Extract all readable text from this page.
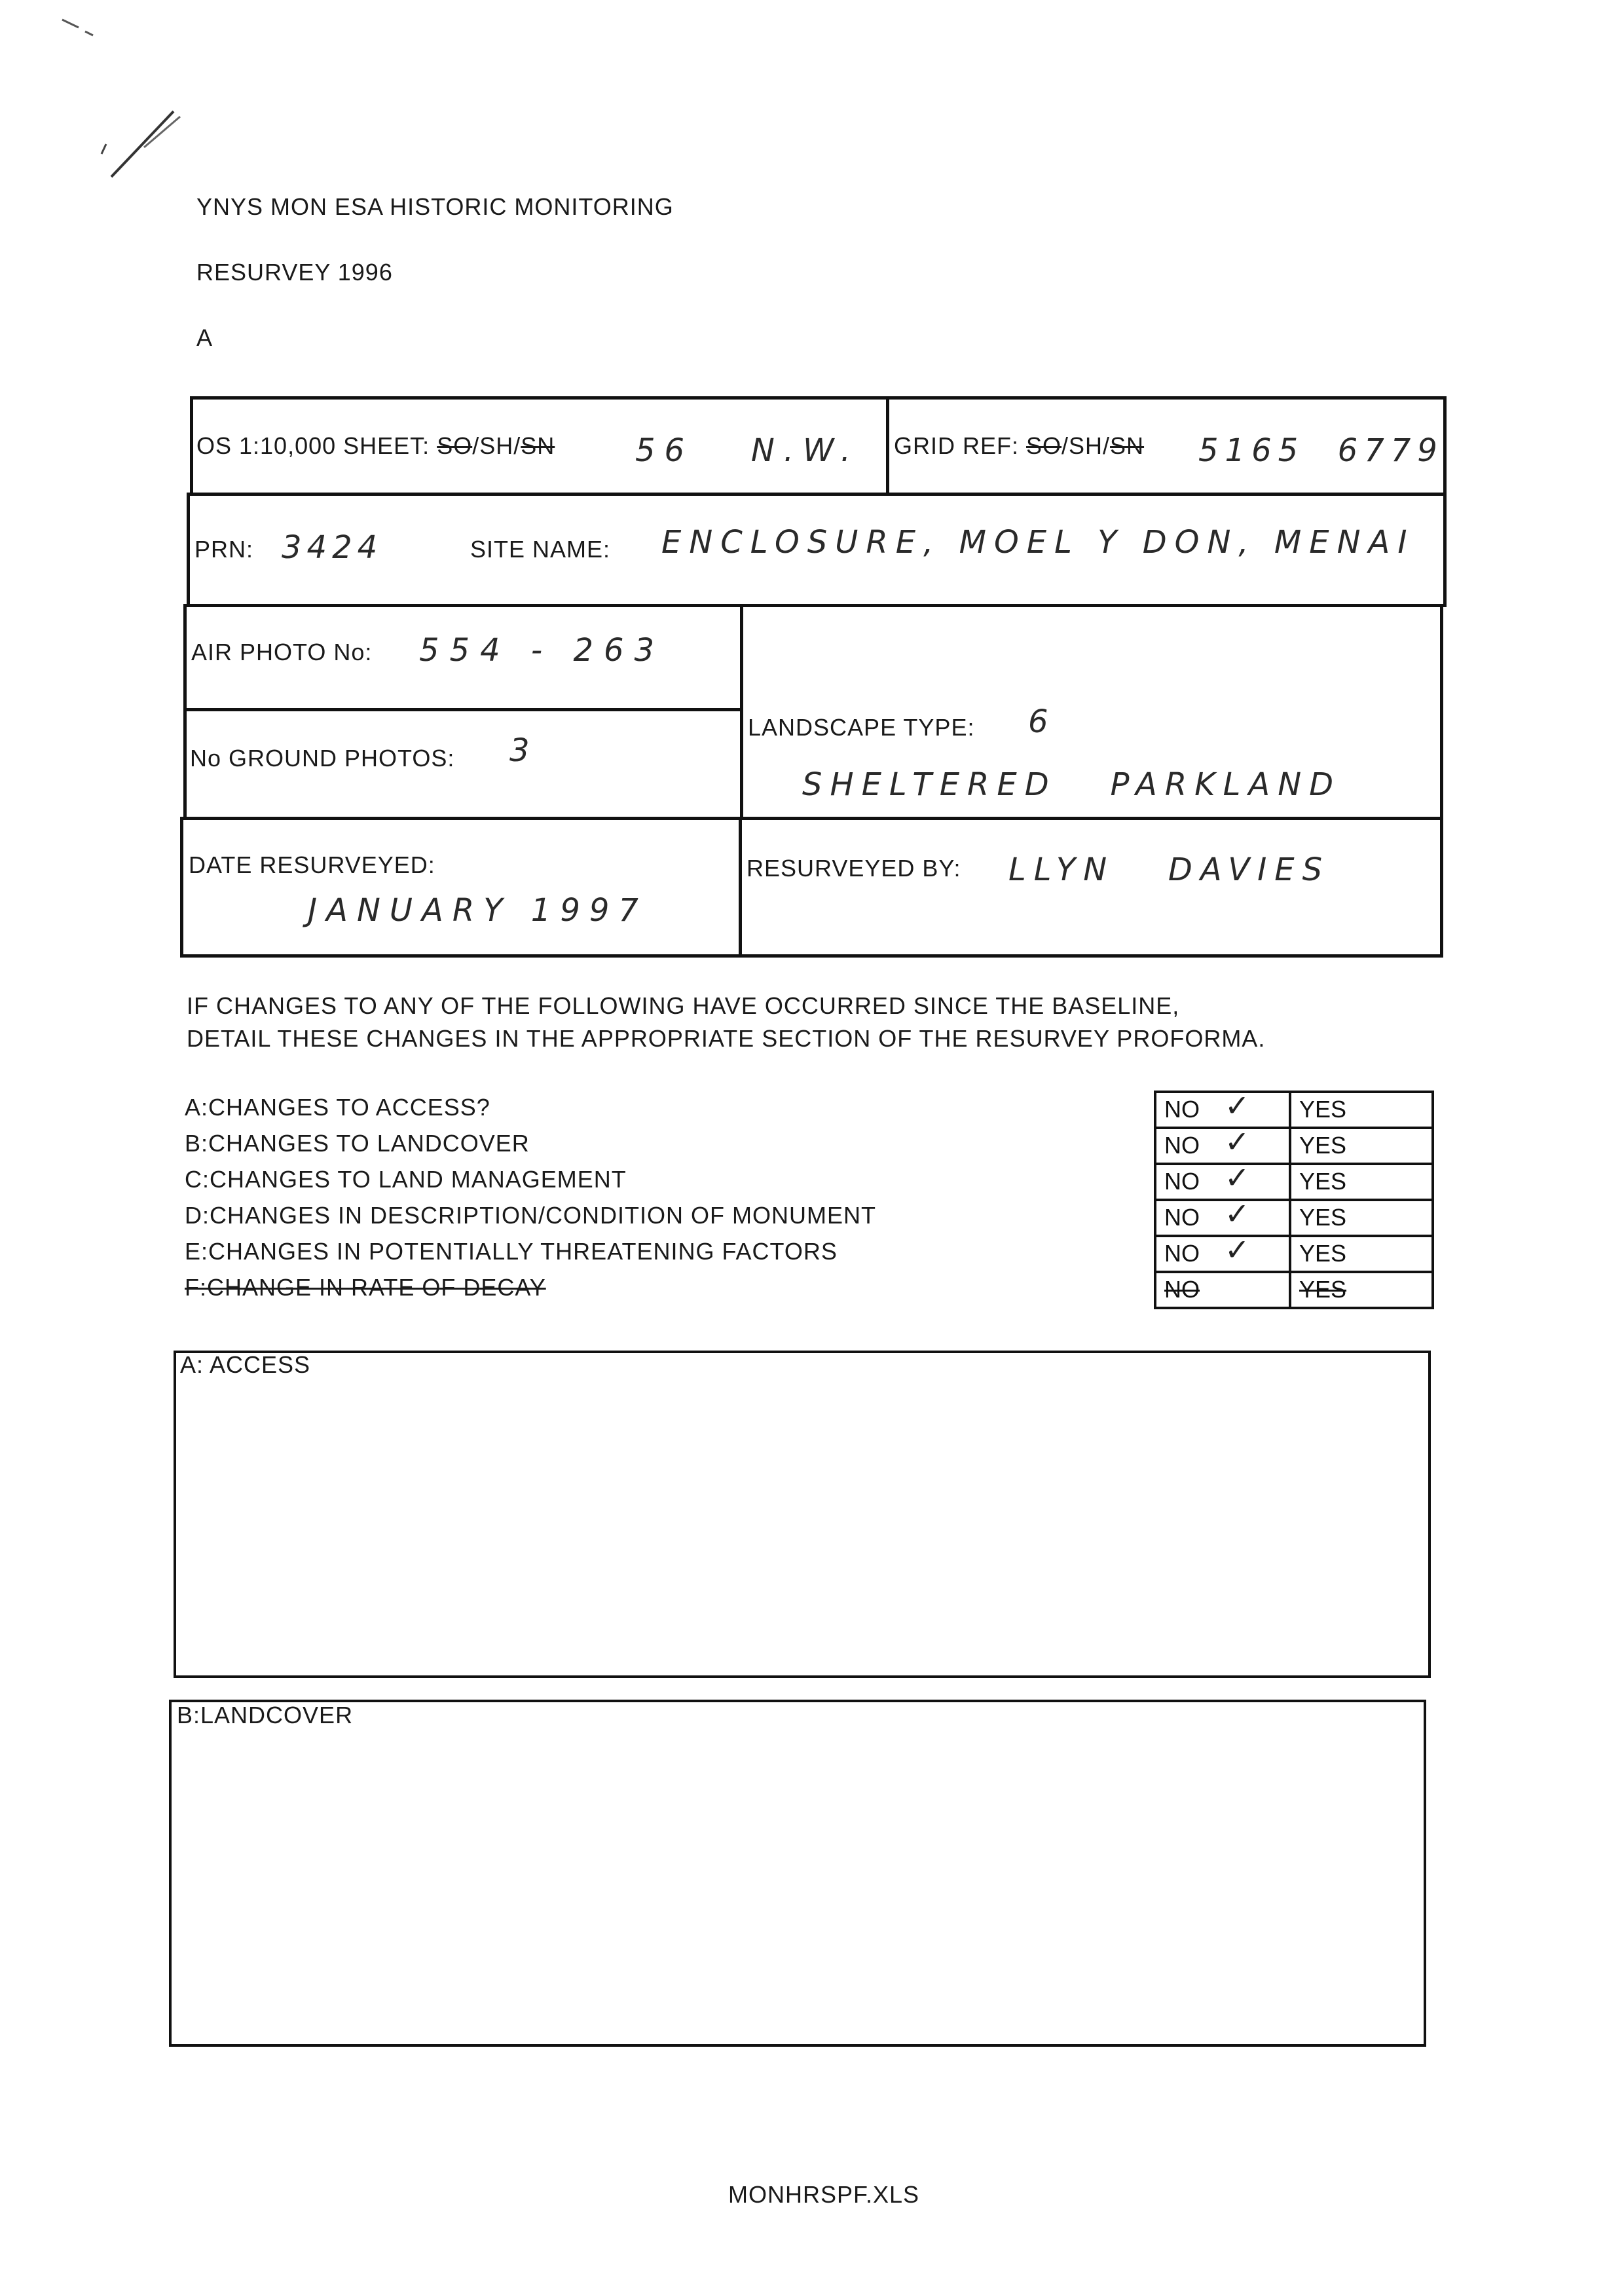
YNYS MON ESA HISTORIC MONITORING
RESURVEY 1996
A
OS 1:10,000 SHEET: SO/SH/SN	56   N.W. GRID REF: SO/SH/SN 5165  6779
PRN: 3424	SITE NAME: ENCLOSURE, MOEL Y DON, MENAI
AIR PHOTO No: 554 - 263
No GROUND PHOTOS: 3
LANDSCAPE TYPE: 6
SHELTERED   PARKLAND
DATE RESURVEYED:
JANUARY 1997
RESURVEYED BY: LLYN   DAVIES
IF CHANGES TO ANY OF THE FOLLOWING HAVE OCCURRED SINCE THE BASELINE,
DETAIL THESE CHANGES IN THE APPROPRIATE SECTION OF THE RESURVEY PROFORMA.
A:CHANGES TO ACCESS?	NO ✓	YES
B:CHANGES TO LANDCOVER	NO ✓	YES
C:CHANGES TO LAND MANAGEMENT	NO ✓	YES
D:CHANGES IN DESCRIPTION/CONDITION OF MONUMENT	NO ✓	YES
E:CHANGES IN POTENTIALLY THREATENING FACTORS	NO ✓	YES
F:CHANGE IN RATE OF DECAY	NO	YES
A: ACCESS
B:LANDCOVER
MONHRSPF.XLS
